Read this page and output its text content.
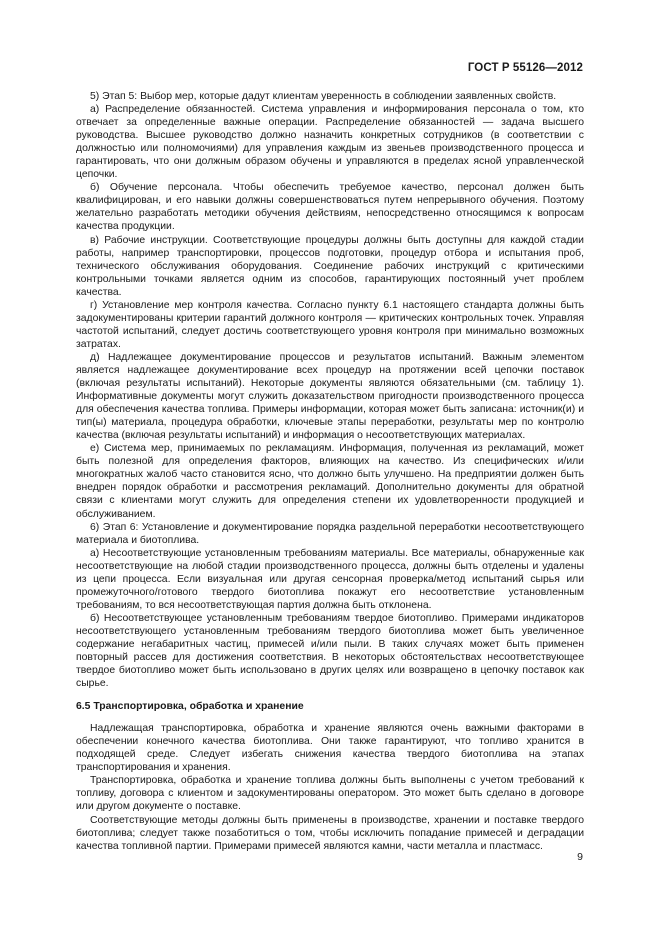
ГОСТ Р 55126—2012

5) Этап 5: Выбор мер, которые дадут клиентам уверенность в соблюдении заявленных свойств.

а) Распределение обязанностей. Система управления и информирования персонала о том, кто отвечает за определенные важные операции. Распределение обязанностей — задача высшего руководства. Высшее руководство должно назначить конкретных сотрудников (в соответствии с должностью или полномочиями) для управления каждым из звеньев производственного процесса и гарантировать, что они должным образом обучены и управляются в пределах ясной управленческой цепочки.

б) Обучение персонала. Чтобы обеспечить требуемое качество, персонал должен быть квалифицирован, и его навыки должны совершенствоваться путем непрерывного обучения. Поэтому желательно разработать методики обучения действиям, непосредственно относящимся к вопросам качества продукции.

в) Рабочие инструкции. Соответствующие процедуры должны быть доступны для каждой стадии работы, например транспортировки, процессов подготовки, процедур отбора и испытания проб, технического обслуживания оборудования. Соединение рабочих инструкций с критическими контрольными точками является одним из способов, гарантирующих постоянный учет проблем качества.

г) Установление мер контроля качества. Согласно пункту 6.1 настоящего стандарта должны быть задокументированы критерии гарантий должного контроля — критических контрольных точек. Управляя частотой испытаний, следует достичь соответствующего уровня контроля при минимально возможных затратах.

д) Надлежащее документирование процессов и результатов испытаний. Важным элементом является надлежащее документирование всех процедур на протяжении всей цепочки поставок (включая результаты испытаний). Некоторые документы являются обязательными (см. таблицу 1). Информативные документы могут служить доказательством пригодности производственного процесса для обеспечения качества топлива. Примеры информации, которая может быть записана: источник(и) и тип(ы) материала, процедура обработки, ключевые этапы переработки, результаты мер по контролю качества (включая результаты испытаний) и информация о несоответствующих материалах.

е) Система мер, принимаемых по рекламациям. Информация, полученная из рекламаций, может быть полезной для определения факторов, влияющих на качество. Из специфических и/или многократных жалоб часто становится ясно, что должно быть улучшено. На предприятии должен быть внедрен порядок обработки и рассмотрения рекламаций. Дополнительно документы для обратной связи с клиентами могут служить для определения степени их удовлетворенности продукцией и обслуживанием.

6) Этап 6: Установление и документирование порядка раздельной переработки несоответствующего материала и биотоплива.

а) Несоответствующие установленным требованиям материалы. Все материалы, обнаруженные как несоответствующие на любой стадии производственного процесса, должны быть отделены и удалены из цепи процесса. Если визуальная или другая сенсорная проверка/метод испытаний сырья или промежуточного/готового твердого биотоплива покажут его несоответствие установленным требованиям, то вся несоответствующая партия должна быть отклонена.

б) Несоответствующее установленным требованиям твердое биотопливо. Примерами индикаторов несоответствующего установленным требованиям твердого биотоплива может быть увеличенное содержание негабаритных частиц, примесей и/или пыли. В таких случаях может быть применен повторный рассев для достижения соответствия. В некоторых обстоятельствах несоответствующее твердое биотопливо может быть использовано в других целях или возвращено в цепочку поставок как сырье.

6.5 Транспортировка, обработка и хранение

Надлежащая транспортировка, обработка и хранение являются очень важными факторами в обеспечении конечного качества биотоплива. Они также гарантируют, что топливо хранится в подходящей среде. Следует избегать снижения качества твердого биотоплива на этапах транспортирования и хранения.

Транспортировка, обработка и хранение топлива должны быть выполнены с учетом требований к топливу, договора с клиентом и задокументированы оператором. Это может быть сделано в договоре или другом документе о поставке.

Соответствующие методы должны быть применены в производстве, хранении и поставке твердого биотоплива; следует также позаботиться о том, чтобы исключить попадание примесей и деградации качества топливной партии. Примерами примесей являются камни, части металла и пластмасс.

9
